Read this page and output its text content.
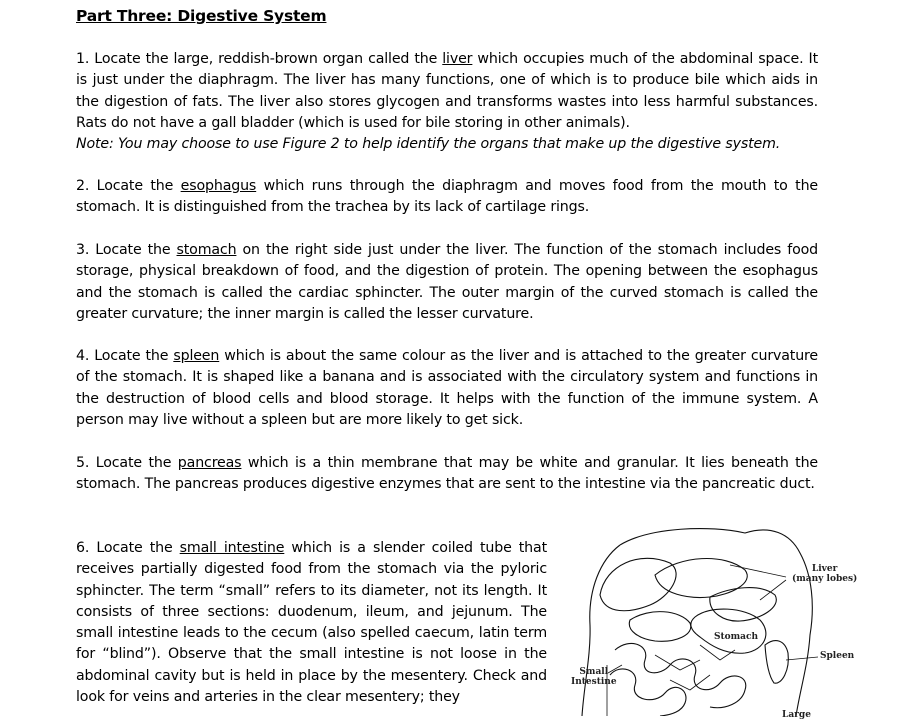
Part Three: Digestive System
1. Locate the large, reddish-brown organ called the liver which occupies much of the abdominal space. It is just under the diaphragm. The liver has many functions, one of which is to produce bile which aids in the digestion of fats. The liver also stores glycogen and transforms wastes into less harmful substances. Rats do not have a gall bladder (which is used for bile storing in other animals).
Note: You may choose to use Figure 2 to help identify the organs that make up the digestive system.
2. Locate the esophagus which runs through the diaphragm and moves food from the mouth to the stomach. It is distinguished from the trachea by its lack of cartilage rings.
3. Locate the stomach on the right side just under the liver. The function of the stomach includes food storage, physical breakdown of food, and the digestion of protein. The opening between the esophagus and the stomach is called the cardiac sphincter. The outer margin of the curved stomach is called the greater curvature; the inner margin is called the lesser curvature.
4. Locate the spleen which is about the same colour as the liver and is attached to the greater curvature of the stomach. It is shaped like a banana and is associated with the circulatory system and functions in the destruction of blood cells and blood storage. It helps with the function of the immune system. A person may live without a spleen but are more likely to get sick.
5. Locate the pancreas which is a thin membrane that may be white and granular. It lies beneath the stomach. The pancreas produces digestive enzymes that are sent to the intestine via the pancreatic duct.
6. Locate the small intestine which is a slender coiled tube that receives partially digested food from the stomach via the pyloric sphincter. The term “small” refers to its diameter, not its length. It consists of three sections: duodenum, ileum, and jejunum. The small intestine leads to the cecum (also spelled caecum, latin term for “blind”). Observe that the small intestine is not loose in the abdominal cavity but is held in place by the mesentery. Check and look for veins and arteries in the clear mesentery; they
Liver
(many lobes)
Stomach
Spleen
Small
Intestine
Large
